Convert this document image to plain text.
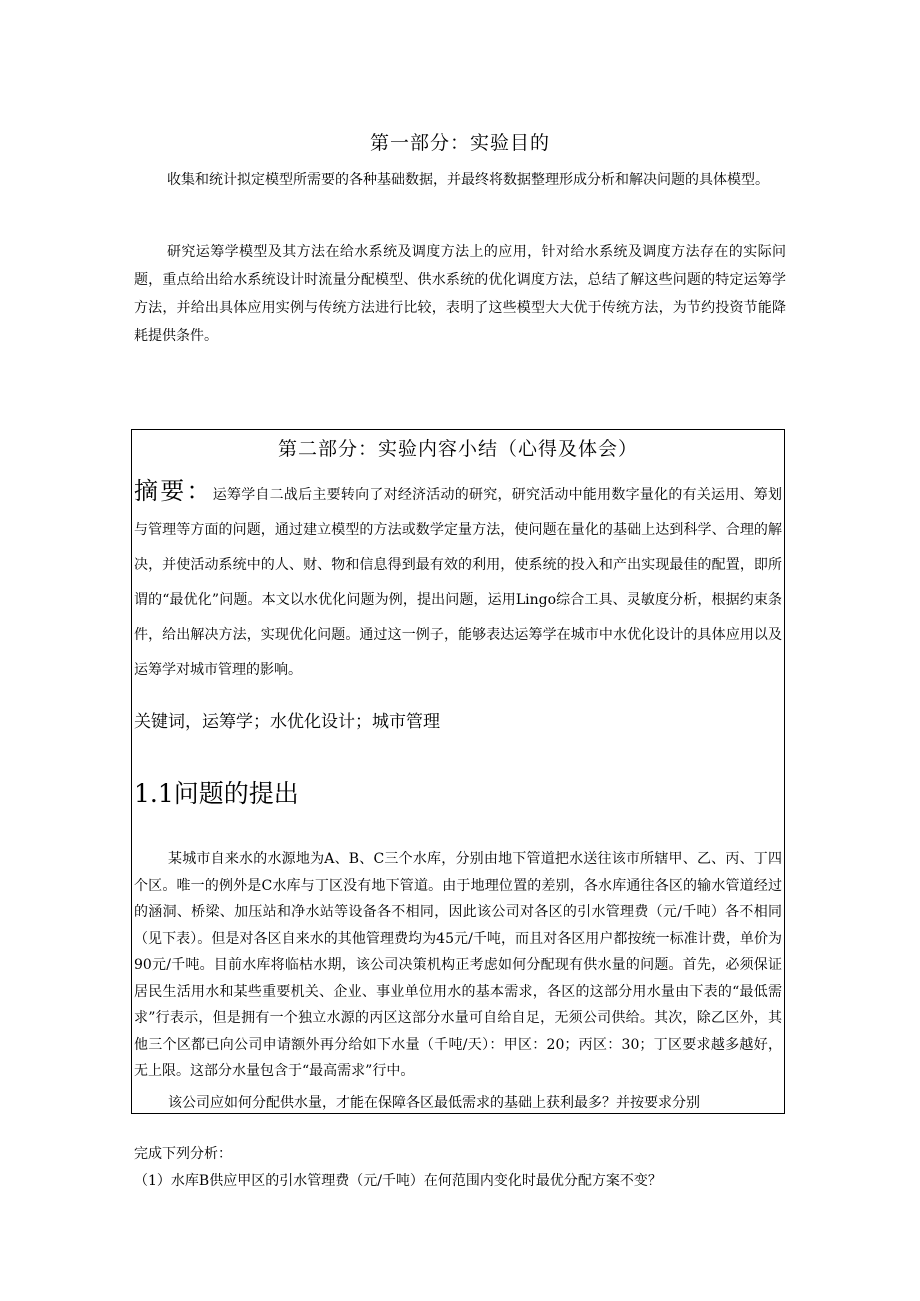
第一部分：实验目的

收集和统计拟定模型所需要的各种基础数据，并最终将数据整理形成分析和解决问题的具体模型。

研究运筹学模型及其方法在给水系统及调度方法上的应用，针对给水系统及调度方法存在的实际问题，重点给出给水系统设计时流量分配模型、供水系统的优化调度方法，总结了解这些问题的特定运筹学方法，并给出具体应用实例与传统方法进行比较，表明了这些模型大大优于传统方法，为节约投资节能降耗提供条件。

第二部分：实验内容小结（心得及体会）

摘要：运筹学自二战后主要转向了对经济活动的研究，研究活动中能用数字量化的有关运用、筹划与管理等方面的问题，通过建立模型的方法或数学定量方法，使问题在量化的基础上达到科学、合理的解决，并使活动系统中的人、财、物和信息得到最有效的利用，使系统的投入和产出实现最佳的配置，即所谓的“最优化”问题。本文以水优化问题为例，提出问题，运用Lingo综合工具、灵敏度分析，根据约束条件，给出解决方法，实现优化问题。通过这一例子，能够表达运筹学在城市中水优化设计的具体应用以及运筹学对城市管理的影响。

关键词，运筹学；水优化设计；城市管理
1.1问题的提出

某城市自来水的水源地为A、B、C三个水库，分别由地下管道把水送往该市所辖甲、乙、丙、丁四个区。唯一的例外是C水库与丁区没有地下管道。由于地理位置的差别，各水库通往各区的输水管道经过的涵洞、桥梁、加压站和净水站等设备各不相同，因此该公司对各区的引水管理费（元/千吨）各不相同（见下表）。但是对各区自来水的其他管理费均为45元/千吨，而且对各区用户都按统一标准计费，单价为90元/千吨。目前水库将临枯水期，该公司决策机构正考虑如何分配现有供水量的问题。首先，必须保证居民生活用水和某些重要机关、企业、事业单位用水的基本需求，各区的这部分用水量由下表的“最低需求”行表示，但是拥有一个独立水源的丙区这部分水量可自给自足，无须公司供给。其次，除乙区外，其他三个区都已向公司申请额外再分给如下水量（千吨/天）：甲区：20；丙区：30；丁区要求越多越好，无上限。这部分水量包含于“最高需求”行中。

该公司应如何分配供水量，才能在保障各区最低需求的基础上获利最多？并按要求分别
完成下列分析：
（1）水库B供应甲区的引水管理费（元/千吨）在何范围内变化时最优分配方案不变？
